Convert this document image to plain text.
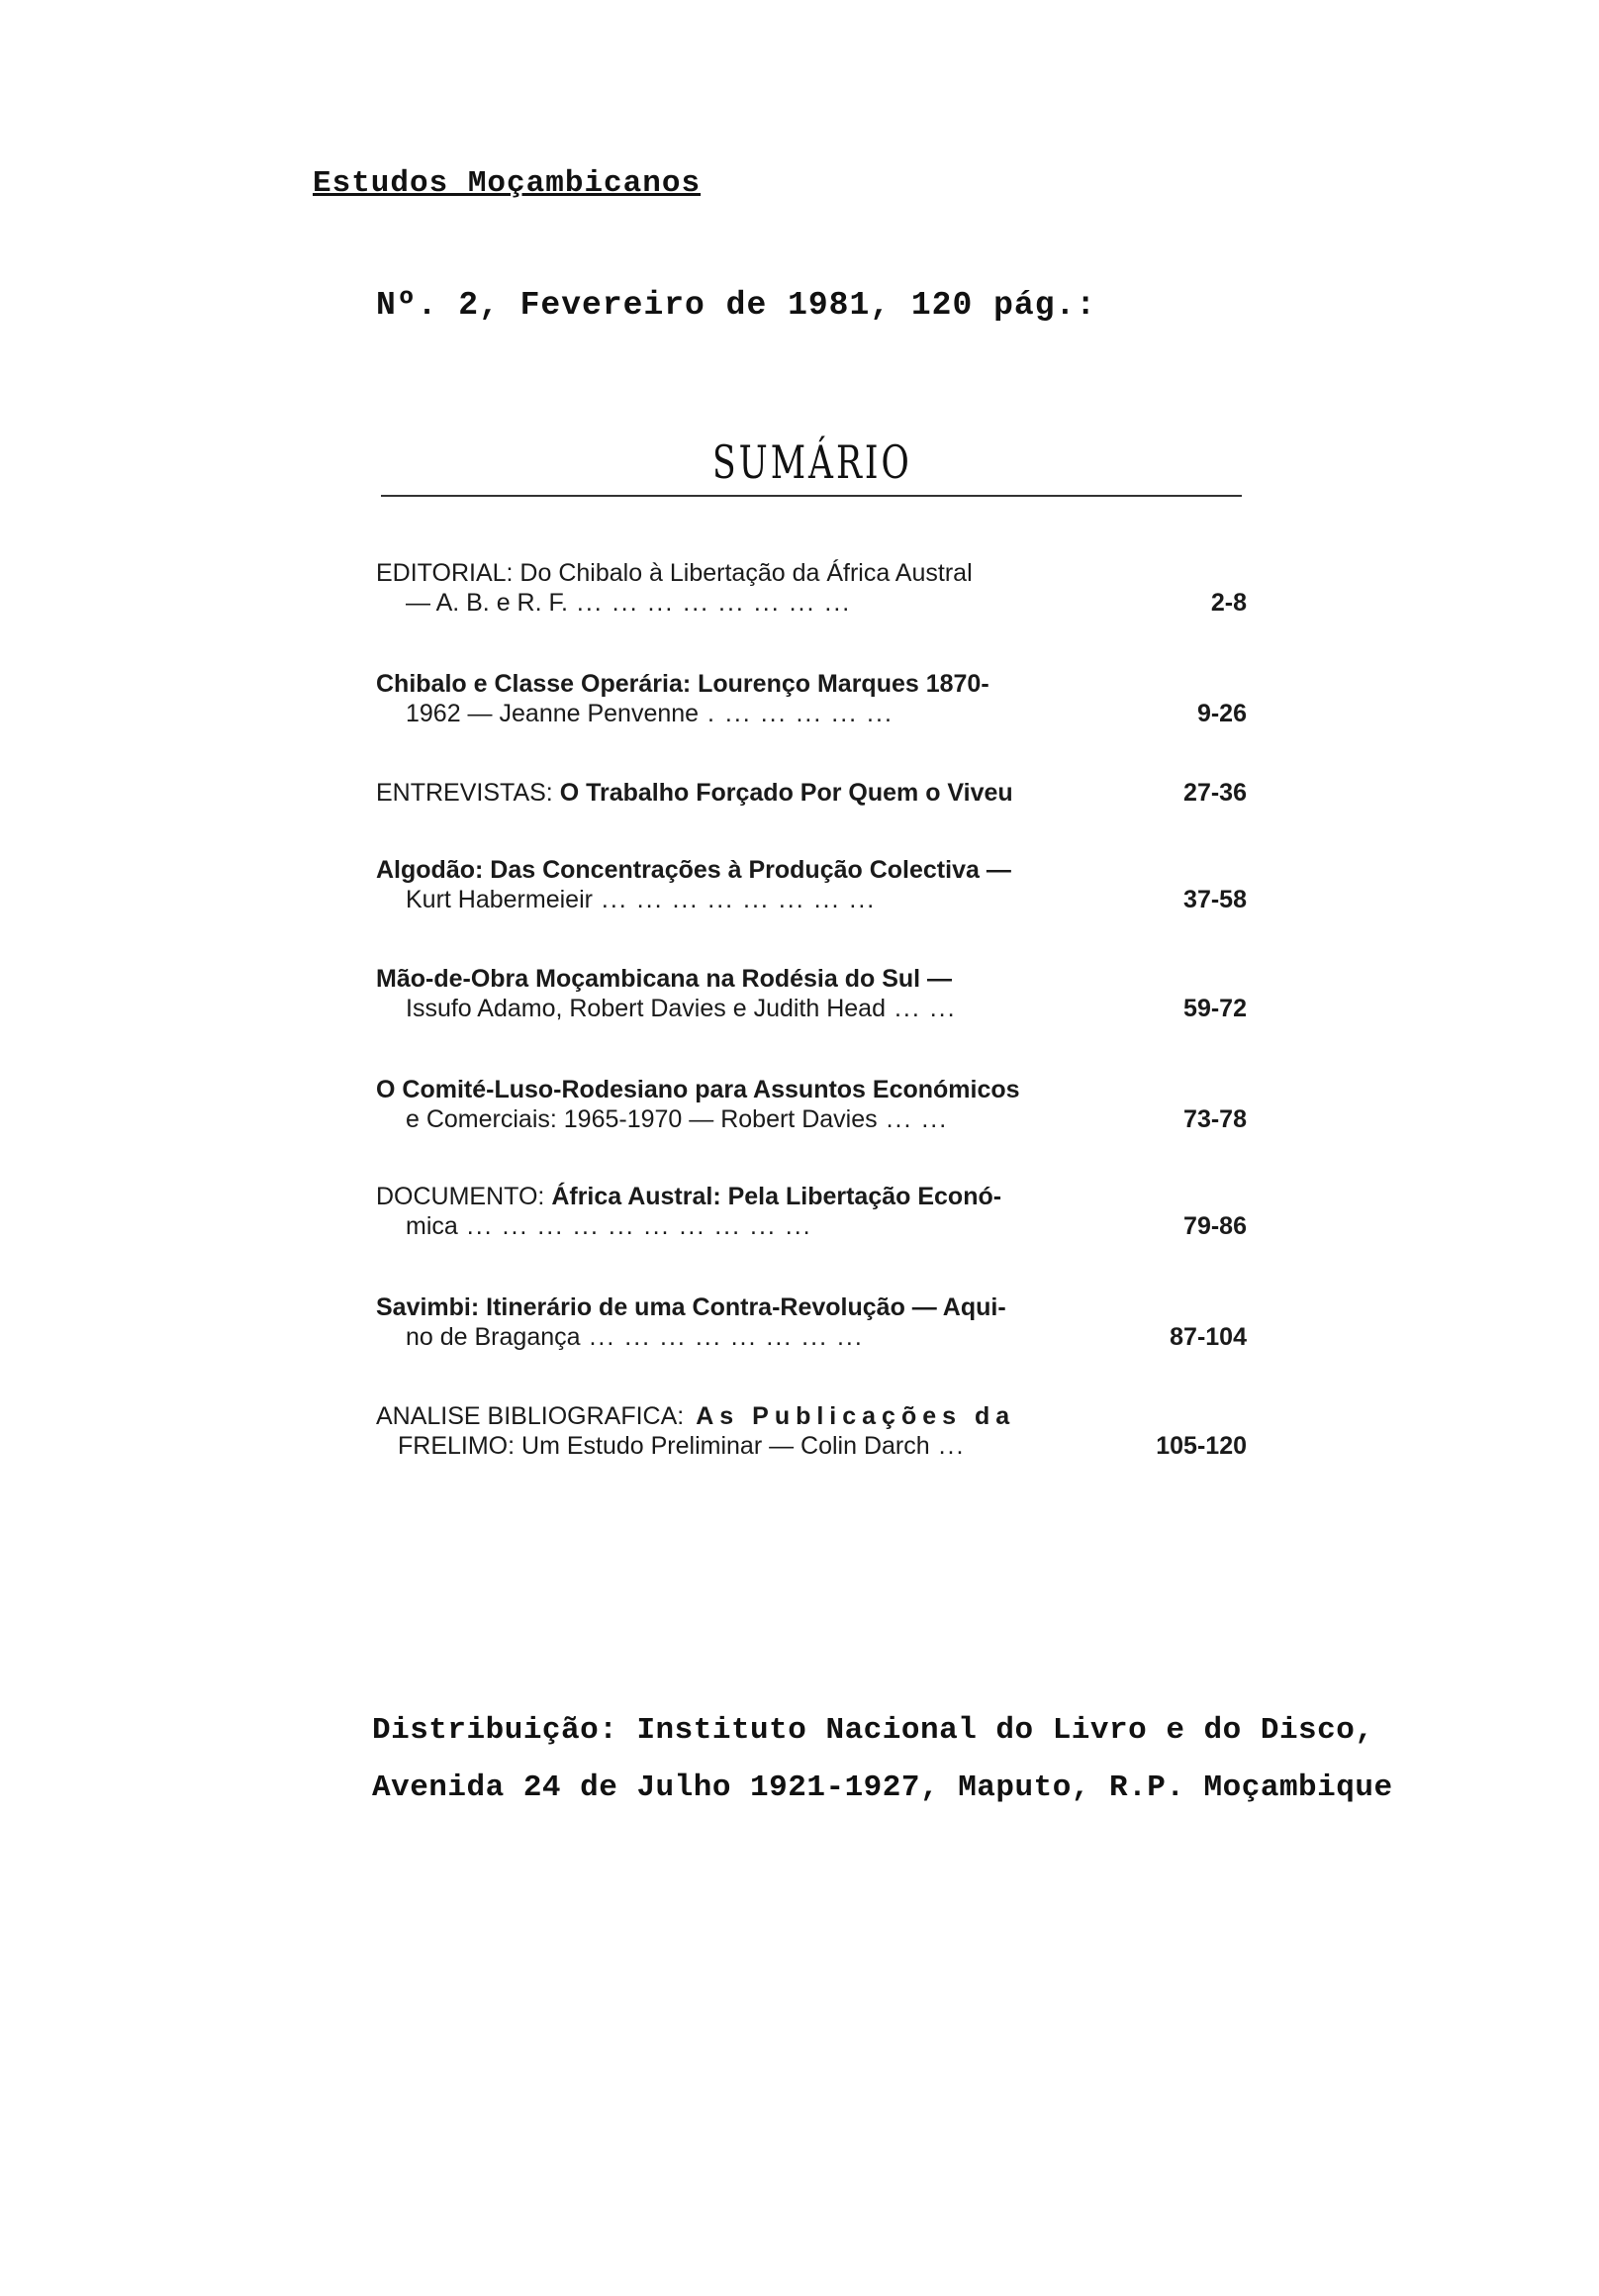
Estudos Moçambicanos
Nº. 2, Fevereiro de 1981, 120 pág.:
SUMÁRIO
EDITORIAL: Do Chibalo à Libertação da África Austral
— A. B. e R. F. ... ... ... ... ... ... ... ...	2-8
Chibalo e Classe Operária: Lourenço Marques 1870-
1962 — Jeanne Penvenne . ... ... ... ... ...	9-26
ENTREVISTAS: O Trabalho Forçado Por Quem o Viveu	27-36
Algodão: Das Concentrações à Produção Colectiva —
Kurt Habermeieir ... ... ... ... ... ... ... ...	37-58
Mão-de-Obra Moçambicana na Rodésia do Sul —
Issufo Adamo, Robert Davies e Judith Head ... ...	59-72
O Comité-Luso-Rodesiano para Assuntos Económicos
e Comerciais: 1965-1970 — Robert Davies ... ...	73-78
DOCUMENTO: África Austral: Pela Libertação Econó-
mica ... ... ... ... ... ... ... ... ... ...	79-86
Savimbi: Itinerário de uma Contra-Revolução — Aqui-
no de Bragança ... ... ... ... ... ... ... ...	87-104
ANALISE BIBLIOGRAFICA: As Publicações da
FRELIMO: Um Estudo Preliminar — Colin Darch ...	105-120
Distribuição: Instituto Nacional do Livro e do Disco,
Avenida 24 de Julho 1921-1927, Maputo, R.P. Moçambique
